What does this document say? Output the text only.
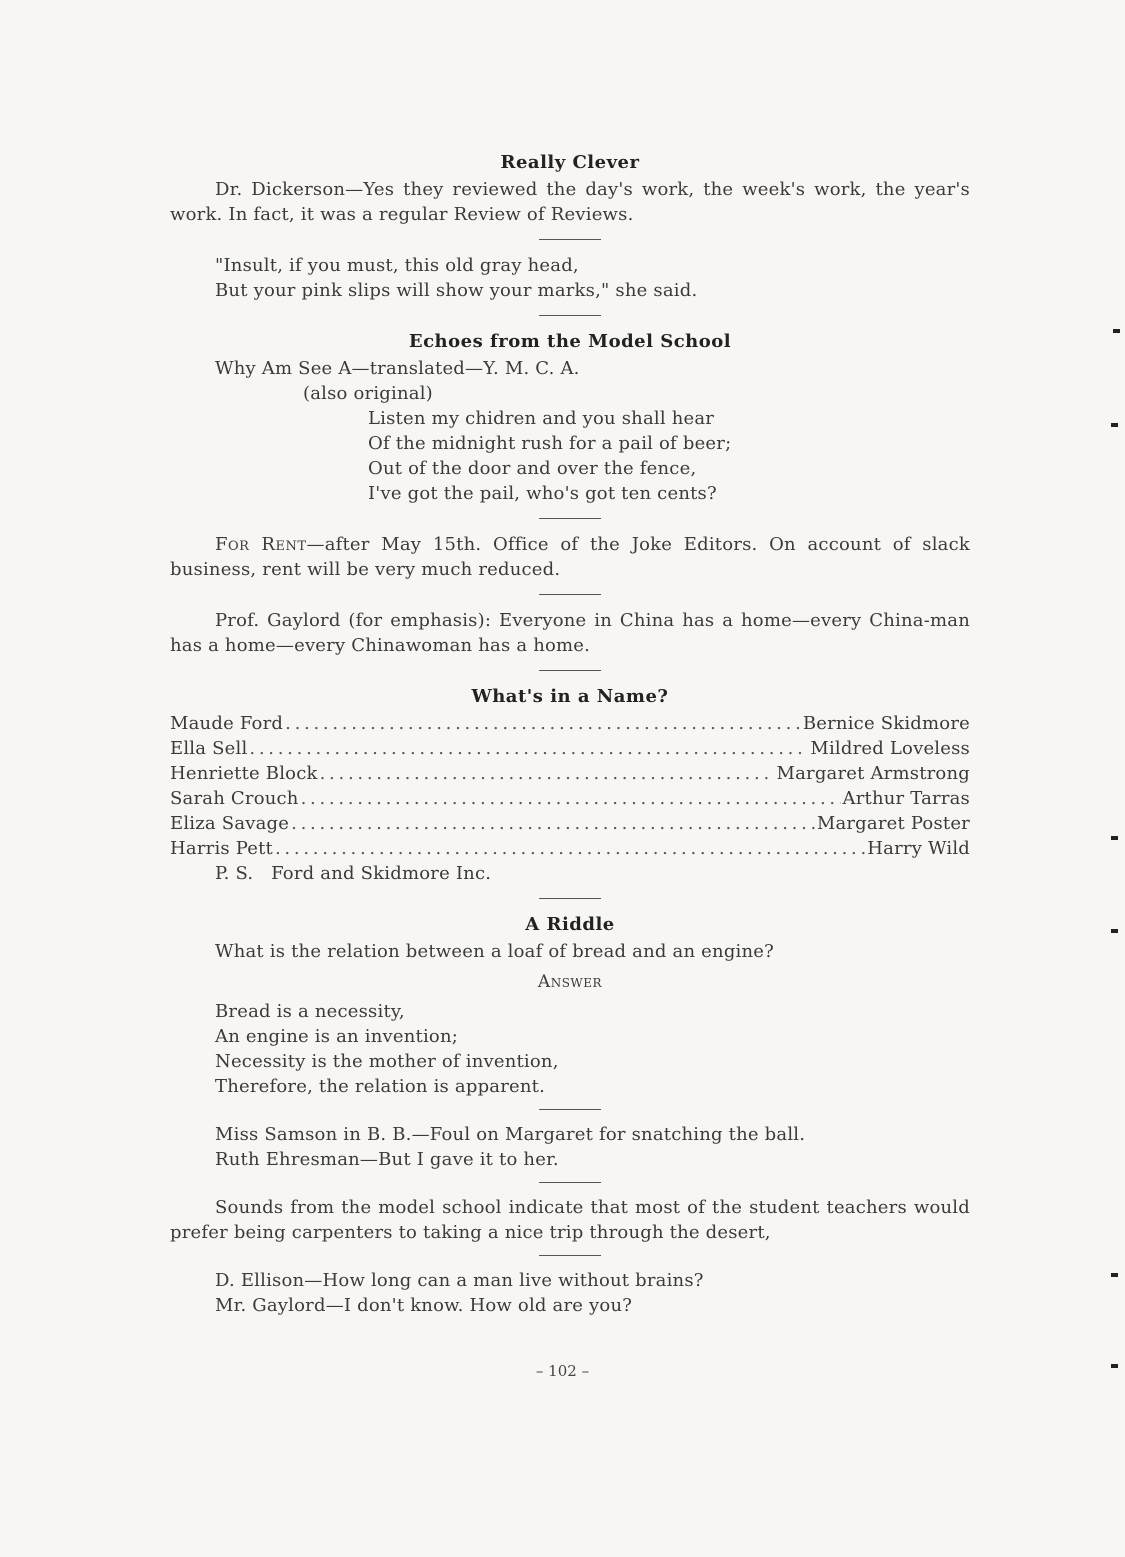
Really Clever

Dr. Dickerson—Yes they reviewed the day's work, the week's work, the year's work. In fact, it was a regular Review of Reviews.

"Insult, if you must, this old gray head,

But your pink slips will show your marks," she said.

Echoes from the Model School

Why Am See A—translated—Y. M. C. A.

(also original)

Listen my chidren and you shall hear

Of the midnight rush for a pail of beer;

Out of the door and over the fence,

I've got the pail, who's got ten cents?

For Rent—after May 15th. Office of the Joke Editors. On account of slack business, rent will be very much reduced.

Prof. Gaylord (for emphasis): Everyone in China has a home—every China-man has a home—every Chinawoman has a home.

What's in a Name?

Maude Ford . . .	Bernice Skidmore

Ella Sell . . .	Mildred Loveless

Henriette Block . . .	Margaret Armstrong

Sarah Crouch . . .	Arthur Tarras

Eliza Savage . . .	Margaret Poster

Harris Pett . . .	Harry Wild

P. S.   Ford and Skidmore Inc.

A Riddle

What is the relation between a loaf of bread and an engine?

Answer

Bread is a necessity,

An engine is an invention;

Necessity is the mother of invention,

Therefore, the relation is apparent.

Miss Samson in B. B.—Foul on Margaret for snatching the ball.

Ruth Ehresman—But I gave it to her.

Sounds from the model school indicate that most of the student teachers would prefer being carpenters to taking a nice trip through the desert,

D. Ellison—How long can a man live without brains?

Mr. Gaylord—I don't know. How old are you?

– 102 –
